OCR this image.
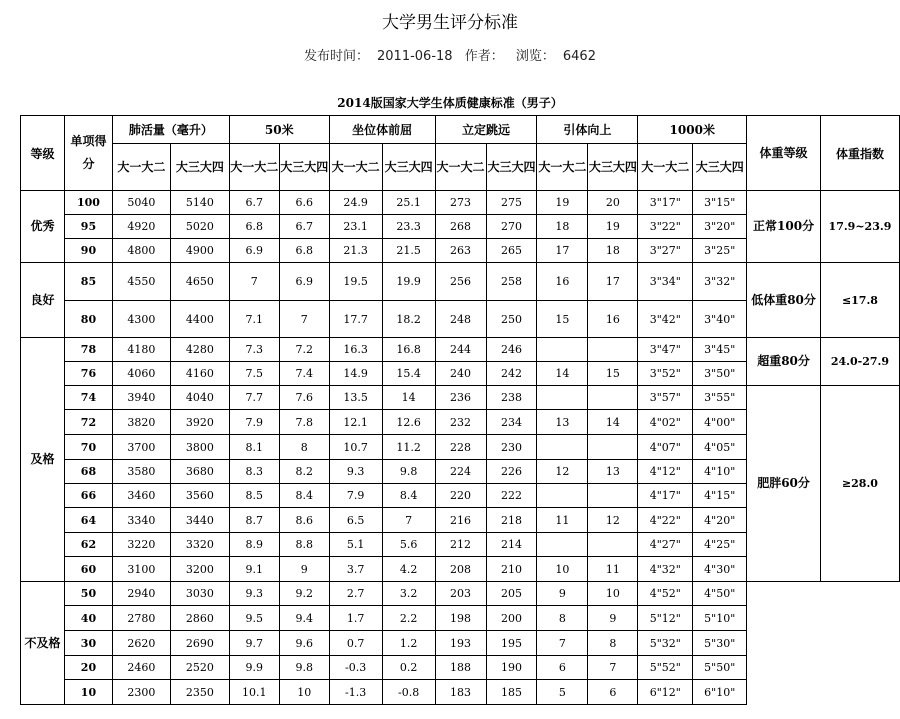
大学男生评分标准
发布时间： 2011-06-18 作者： 浏览： 6462
2014版国家大学生体质健康标准（男子）
等级	单项得分	肺活量（毫升）		50米		坐位体前屈		立定跳远		引体向上		1000米		体重等级	体重指数
		大一大二	大三大四	大一大二	大三大四	大一大二	大三大四	大一大二	大三大四	大一大二	大三大四	大一大二	大三大四		
优秀	100	5040	5140	6.7	6.6	24.9	25.1	273	275	19	20	3"17"	3"15"	正常100分	17.9~23.9
	95	4920	5020	6.8	6.7	23.1	23.3	268	270	18	19	3"22"	3"20"		
	90	4800	4900	6.9	6.8	21.3	21.5	263	265	17	18	3"27"	3"25"		
良好	85	4550	4650	7	6.9	19.5	19.9	256	258	16	17	3"34"	3"32"	低体重80分	≤17.8
	80	4300	4400	7.1	7	17.7	18.2	248	250	15	16	3"42"	3"40"		
及格	78	4180	4280	7.3	7.2	16.3	16.8	244	246			3"47"	3"45"	超重80分	24.0-27.9
	76	4060	4160	7.5	7.4	14.9	15.4	240	242	14	15	3"52"	3"50"		
	74	3940	4040	7.7	7.6	13.5	14	236	238			3"57"	3"55"	肥胖60分	≥28.0
	72	3820	3920	7.9	7.8	12.1	12.6	232	234	13	14	4"02"	4"00"		
	70	3700	3800	8.1	8	10.7	11.2	228	230			4"07"	4"05"		
	68	3580	3680	8.3	8.2	9.3	9.8	224	226	12	13	4"12"	4"10"		
	66	3460	3560	8.5	8.4	7.9	8.4	220	222			4"17"	4"15"		
	64	3340	3440	8.7	8.6	6.5	7	216	218	11	12	4"22"	4"20"		
	62	3220	3320	8.9	8.8	5.1	5.6	212	214			4"27"	4"25"		
	60	3100	3200	9.1	9	3.7	4.2	208	210	10	11	4"32"	4"30"		
不及格	50	2940	3030	9.3	9.2	2.7	3.2	203	205	9	10	4"52"	4"50"		
	40	2780	2860	9.5	9.4	1.7	2.2	198	200	8	9	5"12"	5"10"		
	30	2620	2690	9.7	9.6	0.7	1.2	193	195	7	8	5"32"	5"30"		
	20	2460	2520	9.9	9.8	-0.3	0.2	188	190	6	7	5"52"	5"50"		
	10	2300	2350	10.1	10	-1.3	-0.8	183	185	5	6	6"12"	6"10"		
